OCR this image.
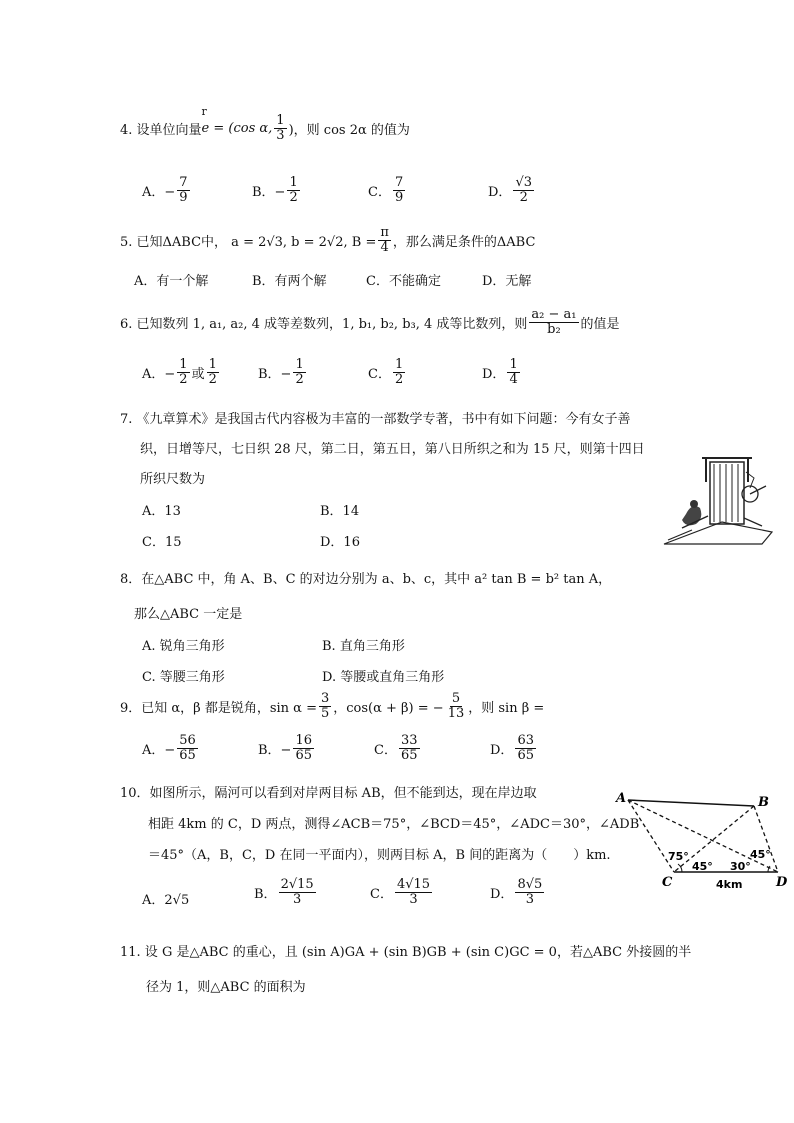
4. 设单位向量
r
e = (cos α, $\frac{1}{3}$ )，则 cos 2α 的值为
A．− $\frac{7}{9}$	B．− $\frac{1}{2}$	C． $\frac{7}{9}$	D． $\frac{√3}{2}$
5. 已知ΔABC中， a = 2√3, b = 2√2, $B = \frac{\pi}{4}$ ，那么满足条件的ΔABC
A．有一个解	B．有两个解	C．不能确定	D．无解
6. 已知数列 1, a₁, a₂, 4 成等差数列，1, b₁, b₂, b₃, 4 成等比数列，则 $\frac{\text{a₂ − a₁}}{\text{b₂}}$ 的值是
A．− $\frac{1}{2}$ 或 $\frac{1}{2}$	B．− $\frac{1}{2}$	C． $\frac{1}{2}$	D． $\frac{1}{4}$
7. 《九章算术》是我国古代内容极为丰富的一部数学专著，书中有如下问题：今有女子善
织，日增等尺，七日织 28 尺，第二日，第五日，第八日所织之和为 15 尺，则第十四日
所织尺数为
A．13	B．14
C．15	D．16
8．在△ABC 中，角 A、B、C 的对边分别为 a、b、c，其中 a² tan B = b² tan A，
那么△ABC 一定是
A. 锐角三角形	B. 直角三角形
C. 等腰三角形	D. 等腰或直角三角形
9．已知 α，β 都是锐角，$\sin \alpha = \frac{3}{5}$ ，cos(α + β) = − $\frac{5}{13}$ ，则 sin β =
A．− $\frac{56}{65}$	B．− $\frac{16}{65}$	C． $\frac{33}{65}$	D． $\frac{63}{65}$
10．如图所示，隔河可以看到对岸两目标 AB，但不能到达，现在岸边取
相距 4km 的 C，D 两点，测得∠ACB＝75°，∠BCD＝45°，∠ADC＝30°，∠ADB
＝45°（A，B，C，D 在同一平面内），则两目标 A，B 间的距离为（　　）km.
A．2√5	B． $\frac{2√15}{3}$	C． $\frac{4√15}{3}$	D． $\frac{8√5}{3}$
A	B
C	D
75°
45° 30°
45°
4km
11. 设 G 是△ABC 的重心，且 (sin A)GA + (sin B)GB + (sin C)GC = 0，若△ABC 外接圆的半
径为 1，则△ABC 的面积为
